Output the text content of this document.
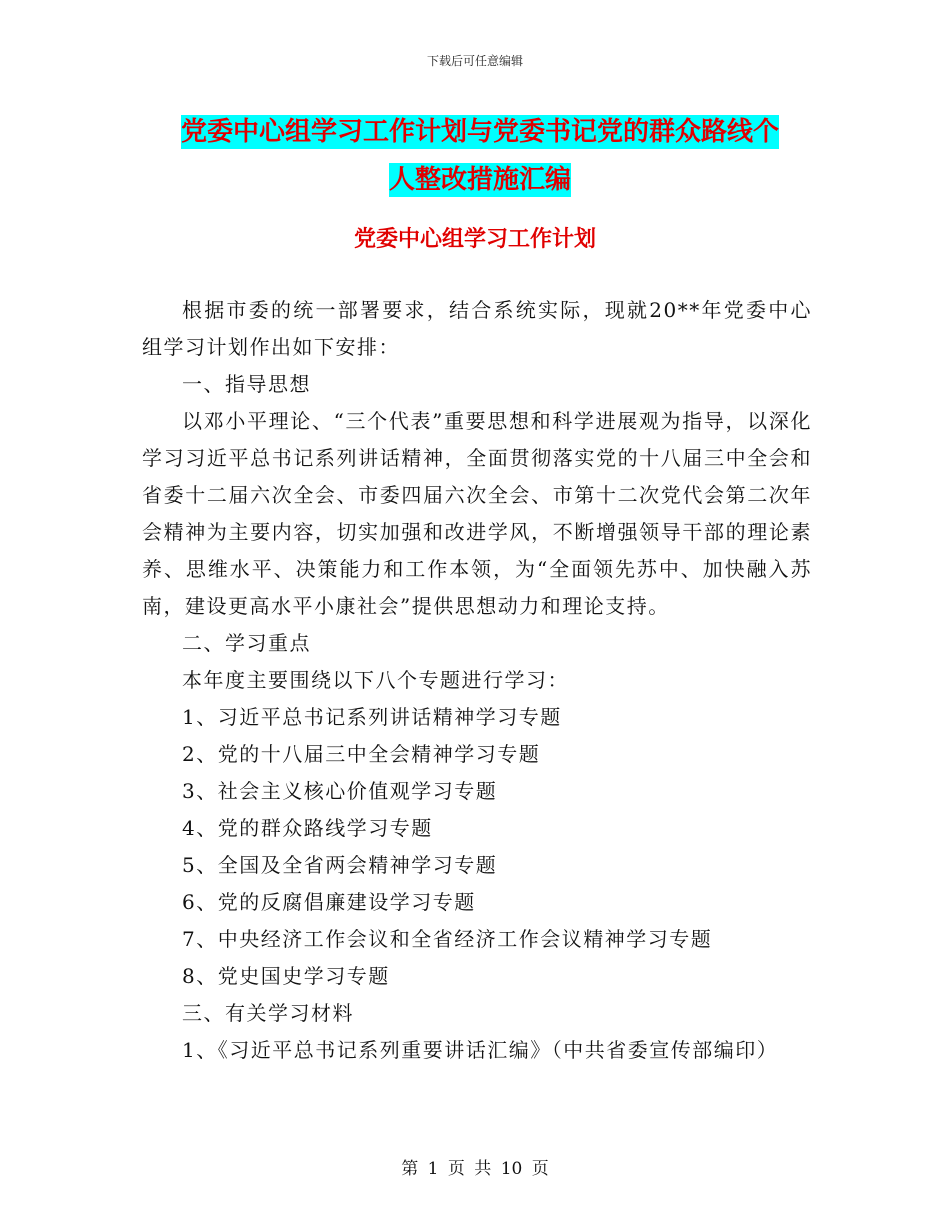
下载后可任意编辑
党委中心组学习工作计划与党委书记党的群众路线个
人整改措施汇编
党委中心组学习工作计划

根据市委的统一部署要求，结合系统实际，现就20**年党委中心组学习计划作出如下安排：

一、指导思想

以邓小平理论、“三个代表”重要思想和科学进展观为指导，以深化学习习近平总书记系列讲话精神，全面贯彻落实党的十八届三中全会和省委十二届六次全会、市委四届六次全会、市第十二次党代会第二次年会精神为主要内容，切实加强和改进学风，不断增强领导干部的理论素养、思维水平、决策能力和工作本领，为“全面领先苏中、加快融入苏南，建设更高水平小康社会”提供思想动力和理论支持。

二、学习重点

本年度主要围绕以下八个专题进行学习：

1、习近平总书记系列讲话精神学习专题

2、党的十八届三中全会精神学习专题

3、社会主义核心价值观学习专题

4、党的群众路线学习专题

5、全国及全省两会精神学习专题

6、党的反腐倡廉建设学习专题

7、中央经济工作会议和全省经济工作会议精神学习专题

8、党史国史学习专题

三、有关学习材料

1、《习近平总书记系列重要讲话汇编》（中共省委宣传部编印）

第 1 页 共 10 页
